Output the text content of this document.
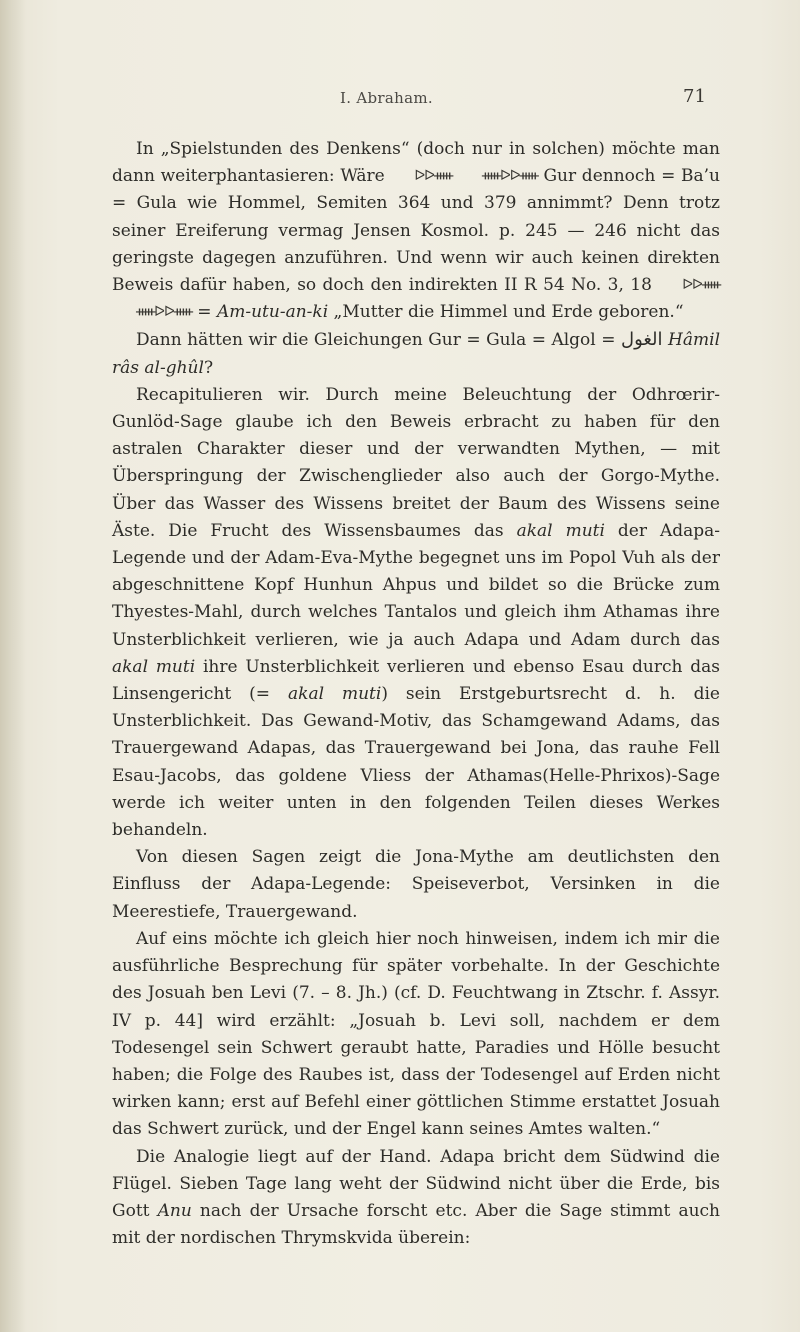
I. Abraham.	71

In „Spielstunden des Denkens“ (doch nur in solchen) möchte man dann weiterphantasieren: Wäre ᐅᐅᚔ ᚔᐅᐅᚔ Gur dennoch = Ba’u = Gula wie Hommel, Semiten 364 und 379 annimmt? Denn trotz seiner Ereiferung vermag Jensen Kosmol. p. 245 — 246 nicht das geringste dagegen anzuführen. Und wenn wir auch keinen direkten Beweis dafür haben, so doch den indirekten II R 54 No. 3, 18 ᐅᐅᚔ ᚔᐅᐅᚔ = Am-utu-an-ki „Mutter die Himmel und Erde geboren.“

Dann hätten wir die Gleichungen Gur = Gula = Algol = الغول Hâmil râs al-ghûl?

Recapitulieren wir. Durch meine Beleuchtung der Odhrœrir-Gunlöd-Sage glaube ich den Beweis erbracht zu haben für den astralen Charakter dieser und der verwandten Mythen, — mit Überspringung der Zwischenglieder also auch der Gorgo-Mythe. Über das Wasser des Wissens breitet der Baum des Wissens seine Äste. Die Frucht des Wissensbaumes das akal muti der Adapa-Legende und der Adam-Eva-Mythe begegnet uns im Popol Vuh als der abgeschnittene Kopf Hunhun Ahpus und bildet so die Brücke zum Thyestes-Mahl, durch welches Tantalos und gleich ihm Athamas ihre Unsterblichkeit verlieren, wie ja auch Adapa und Adam durch das akal muti ihre Unsterblichkeit verlieren und ebenso Esau durch das Linsengericht (= akal muti) sein Erstgeburtsrecht d. h. die Unsterblichkeit. Das Gewand-Motiv, das Schamgewand Adams, das Trauergewand Adapas, das Trauergewand bei Jona, das rauhe Fell Esau-Jacobs, das goldene Vliess der Athamas(Helle-Phrixos)-Sage werde ich weiter unten in den folgenden Teilen dieses Werkes behandeln.

Von diesen Sagen zeigt die Jona-Mythe am deutlichsten den Einfluss der Adapa-Legende: Speiseverbot, Versinken in die Meerestiefe, Trauergewand.

Auf eins möchte ich gleich hier noch hinweisen, indem ich mir die ausführliche Besprechung für später vorbehalte. In der Geschichte des Josuah ben Levi (7. – 8. Jh.) (cf. D. Feuchtwang in Ztschr. f. Assyr. IV p. 44] wird erzählt: „Josuah b. Levi soll, nachdem er dem Todesengel sein Schwert geraubt hatte, Paradies und Hölle besucht haben; die Folge des Raubes ist, dass der Todesengel auf Erden nicht wirken kann; erst auf Befehl einer göttlichen Stimme erstattet Josuah das Schwert zurück, und der Engel kann seines Amtes walten.“

Die Analogie liegt auf der Hand. Adapa bricht dem Südwind die Flügel. Sieben Tage lang weht der Südwind nicht über die Erde, bis Gott Anu nach der Ursache forscht etc. Aber die Sage stimmt auch mit der nordischen Thrymskvida überein:
